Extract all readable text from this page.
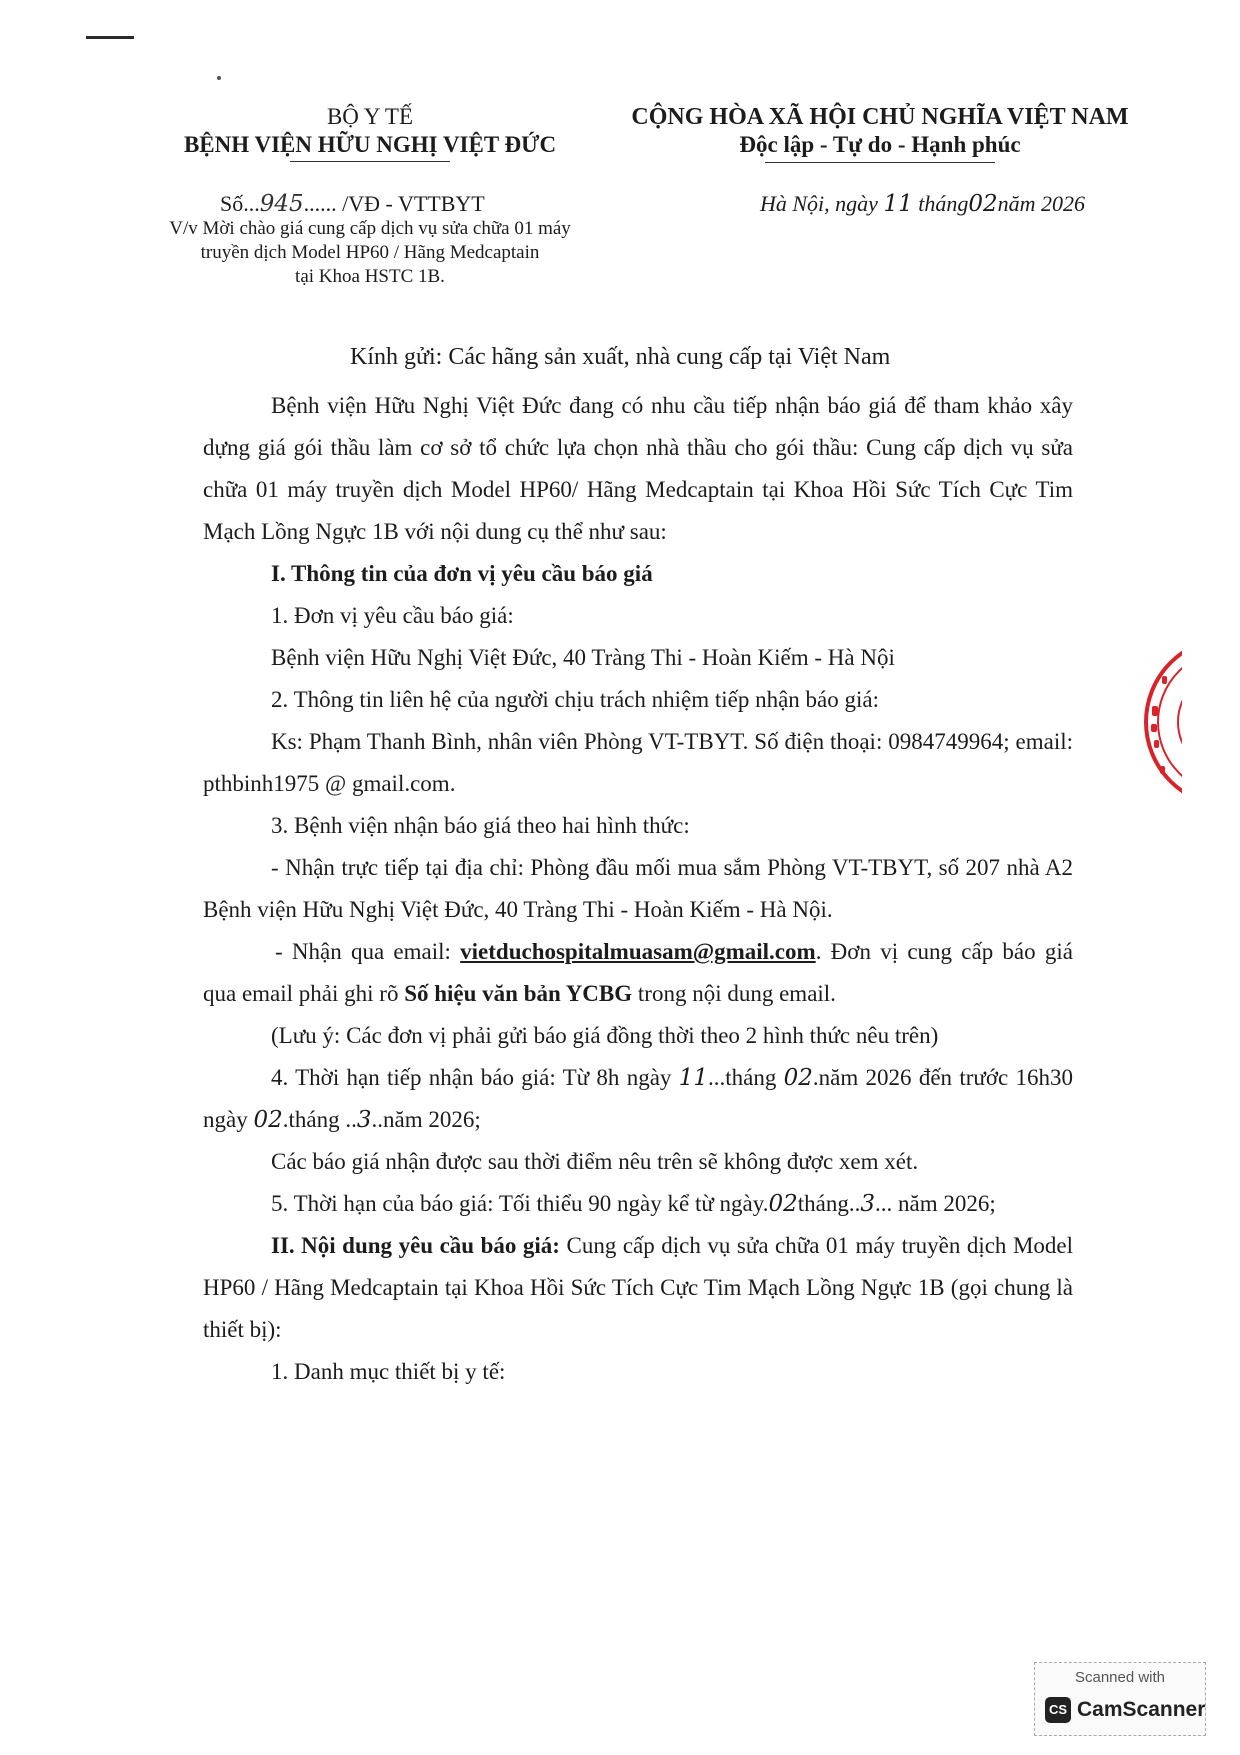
BỘ Y TẾ
BỆNH VIỆN HỮU NGHỊ VIỆT ĐỨC
CỘNG HÒA XÃ HỘI CHỦ NGHĨA VIỆT NAM
Độc lập - Tự do - Hạnh phúc
Số...945...... /VĐ - VTTBYT
V/v Mời chào giá cung cấp dịch vụ sửa chữa 01 máy
truyền dịch Model HP60 / Hãng Medcaptain
tại Khoa HSTC 1B.
Hà Nội, ngày 11 tháng02năm 2026
Kính gửi: Các hãng sản xuất, nhà cung cấp tại Việt Nam

Bệnh viện Hữu Nghị Việt Đức đang có nhu cầu tiếp nhận báo giá để tham khảo xây dựng giá gói thầu làm cơ sở tổ chức lựa chọn nhà thầu cho gói thầu: Cung cấp dịch vụ sửa chữa 01 máy truyền dịch Model HP60/ Hãng Medcaptain tại Khoa Hồi Sức Tích Cực Tim Mạch Lồng Ngực 1B với nội dung cụ thể như sau:

I. Thông tin của đơn vị yêu cầu báo giá

1. Đơn vị yêu cầu báo giá:

Bệnh viện Hữu Nghị Việt Đức, 40 Tràng Thi - Hoàn Kiếm - Hà Nội

2. Thông tin liên hệ của người chịu trách nhiệm tiếp nhận báo giá:

Ks: Phạm Thanh Bình, nhân viên Phòng VT-TBYT. Số điện thoại: 0984749964; email: pthbinh1975 @ gmail.com.

3. Bệnh viện nhận báo giá theo hai hình thức:

- Nhận trực tiếp tại địa chỉ: Phòng đầu mối mua sắm Phòng VT-TBYT, số 207 nhà A2 Bệnh viện Hữu Nghị Việt Đức, 40 Tràng Thi - Hoàn Kiếm - Hà Nội.

- Nhận qua email: vietduchospitalmuasam@gmail.com. Đơn vị cung cấp báo giá qua email phải ghi rõ Số hiệu văn bản YCBG trong nội dung email.

(Lưu ý: Các đơn vị phải gửi báo giá đồng thời theo 2 hình thức nêu trên)

4. Thời hạn tiếp nhận báo giá: Từ 8h ngày 11...tháng 02.năm 2026 đến trước 16h30 ngày 02.tháng ..3..năm 2026;

Các báo giá nhận được sau thời điểm nêu trên sẽ không được xem xét.

5. Thời hạn của báo giá: Tối thiểu 90 ngày kể từ ngày.02tháng..3... năm 2026;

II. Nội dung yêu cầu báo giá: Cung cấp dịch vụ sửa chữa 01 máy truyền dịch Model HP60 / Hãng Medcaptain tại Khoa Hồi Sức Tích Cực Tim Mạch Lồng Ngực 1B (gọi chung là thiết bị):

1. Danh mục thiết bị y tế:

Scanned with
CS CamScanner
